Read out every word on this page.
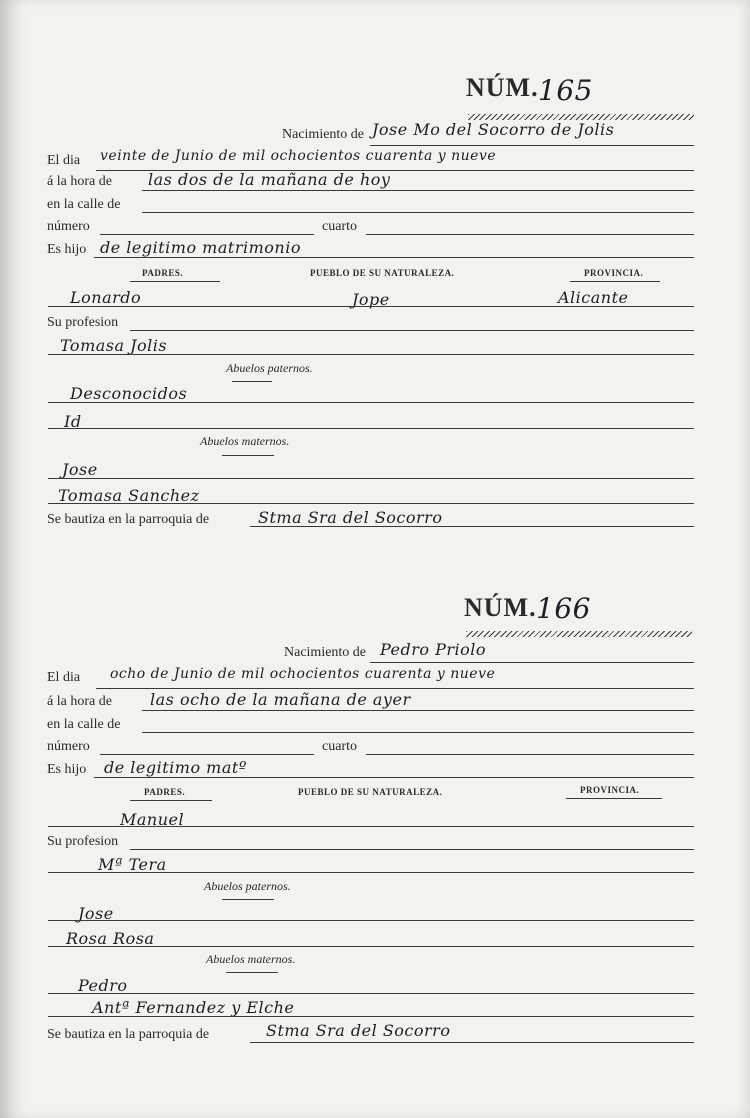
NÚM. 165
Nacimiento de Jose Mo del Socorro de Jolis
El dia veinte de Junio de mil ochocientos cuarenta y nueve
á la hora de las dos de la mañana de hoy
en la calle de
número	cuarto
Es hijo de legitimo matrimonio
PADRES.	PUEBLO DE SU NATURALEZA.	PROVINCIA.
Lonardo	Jope	Alicante
Su profesion
Tomasa Jolis
Abuelos paternos.
Desconocidos
Id
Abuelos maternos.
Jose
Tomasa Sanchez
Se bautiza en la parroquia de	Stma Sra del Socorro
NÚM. 166
Nacimiento de Pedro Priolo
El dia ocho de Junio de mil ochocientos cuarenta y nueve
á la hora de las ocho de la mañana de ayer
en la calle de
número	cuarto
Es hijo de legitimo matº
PADRES.	PUEBLO DE SU NATURALEZA.	PROVINCIA.
Manuel
Su profesion
Mª Tera
Abuelos paternos.
Jose
Rosa Rosa
Abuelos maternos.
Pedro
Antª Fernandez y Elche
Se bautiza en la parroquia de	Stma Sra del Socorro
